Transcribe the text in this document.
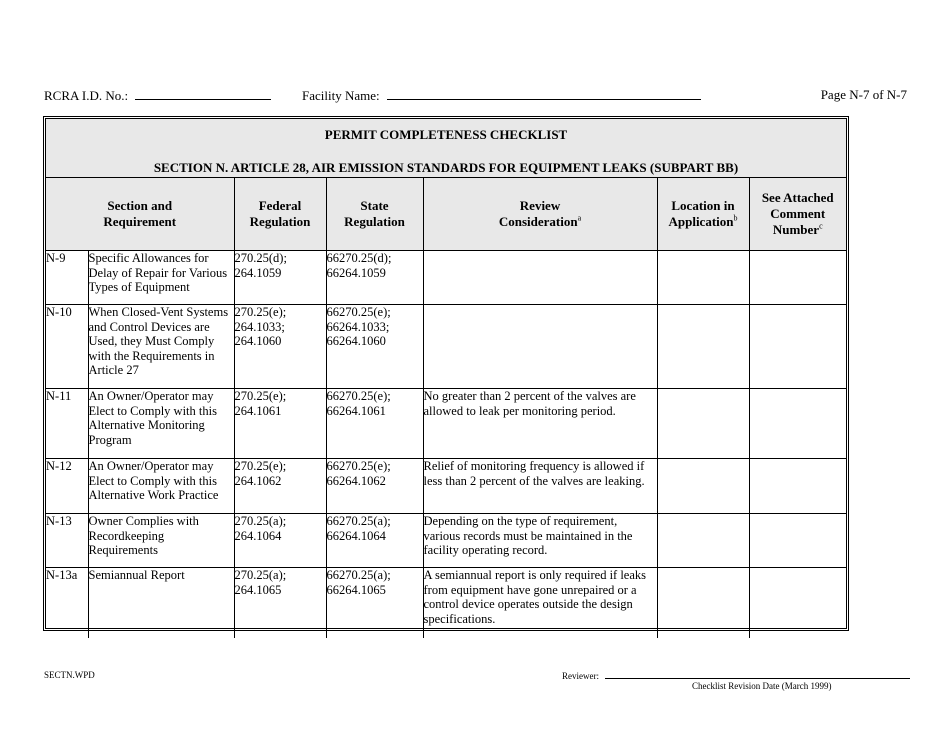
RCRA I.D. No.:	Facility Name:	Page N-7 of N-7
PERMIT COMPLETENESS CHECKLIST
SECTION N. ARTICLE 28, AIR EMISSION STANDARDS FOR EQUIPMENT LEAKS (SUBPART BB)
Section and Requirement		Federal Regulation	State Regulation	Review Consideration$^a$	Location in Application$^b$	See Attached Comment Number$^c$

N-9	Specific Allowances for Delay of Repair for Various Types of Equipment	270.25(d); 264.1059	66270.25(d); 66264.1059			
N-10	When Closed-Vent Systems and Control Devices are Used, they Must Comply with the Requirements in Article 27	270.25(e); 264.1033; 264.1060	66270.25(e); 66264.1033; 66264.1060			
N-11	An Owner/Operator may Elect to Comply with this Alternative Monitoring Program	270.25(e); 264.1061	66270.25(e); 66264.1061	No greater than 2 percent of the valves are allowed to leak per monitoring period.		
N-12	An Owner/Operator may Elect to Comply with this Alternative Work Practice	270.25(e); 264.1062	66270.25(e); 66264.1062	Relief of monitoring frequency is allowed if less than 2 percent of the valves are leaking.		
N-13	Owner Complies with Recordkeeping Requirements	270.25(a); 264.1064	66270.25(a); 66264.1064	Depending on the type of requirement, various records must be maintained in the facility operating record.		
N-13a	Semiannual Report	270.25(a); 264.1065	66270.25(a); 66264.1065	A semiannual report is only required if leaks from equipment have gone unrepaired or a control device operates outside the design specifications.		
SECTN.WPD	Reviewer:
Checklist Revision Date (March 1999)
